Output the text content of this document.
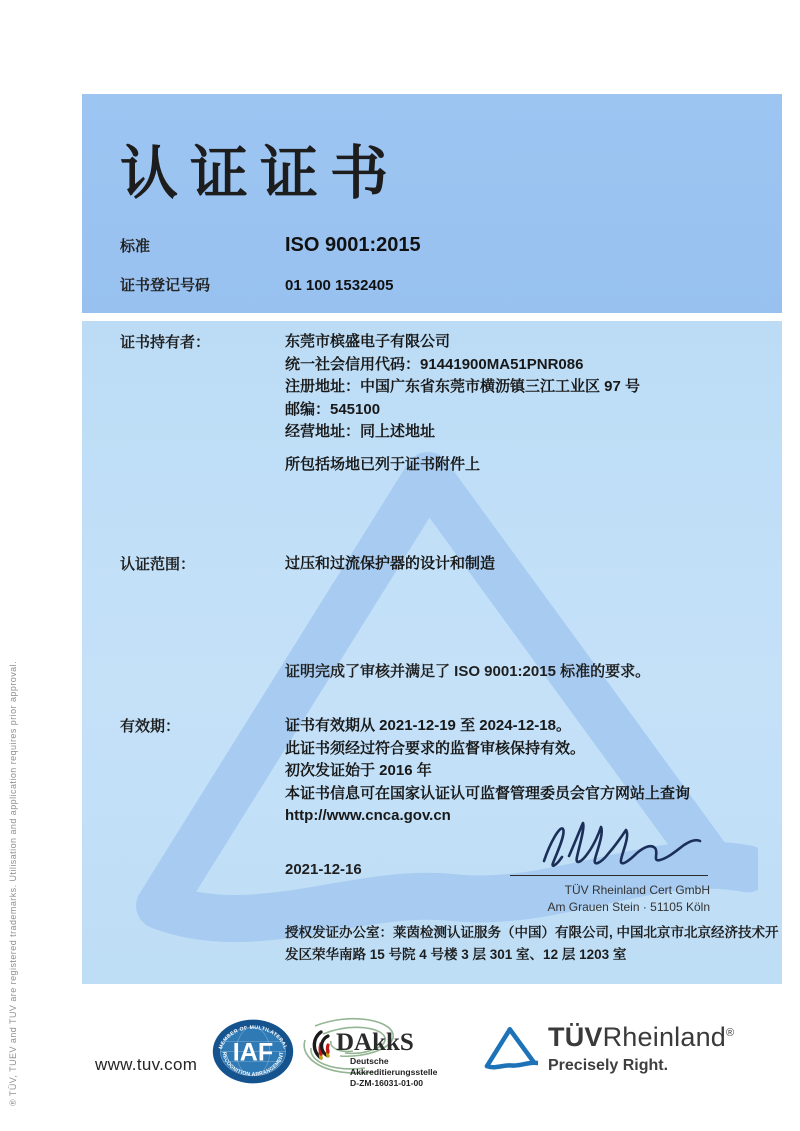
® TÜV, TUEV and TUV are registered trademarks. Utilisation and application requires prior approval.
认证证书
标准	ISO 9001:2015
证书登记号码	01 100 1532405
证书持有者：	东莞市槟盛电子有限公司
统一社会信用代码：91441900MA51PNR086
注册地址：中国广东省东莞市横沥镇三江工业区 97 号
邮编：545100
经营地址：同上述地址
所包括场地已列于证书附件上
认证范围：	过压和过流保护器的设计和制造
证明完成了审核并满足了 ISO 9001:2015 标准的要求。
有效期：	证书有效期从 2021-12-19 至 2024-12-18。
此证书须经过符合要求的监督审核保持有效。
初次发证始于 2016 年
本证书信息可在国家认证认可监督管理委员会官方网站上查询
http://www.cnca.gov.cn
2021-12-16
TÜV Rheinland Cert GmbH
Am Grauen Stein · 51105 Köln
授权发证办公室：莱茵检测认证服务（中国）有限公司, 中国北京市北京经济技术开发区荣华南路 15 号院 4 号楼 3 层 301 室、12 层 1203 室
www.tuv.com IAF
MEMBER OF MULTILATERAL
RECOGNITION ARRANGEMENT DAkkS
Deutsche
Akkreditierungsstelle
D-ZM-16031-01-00
TÜVRheinland®
Precisely Right.
